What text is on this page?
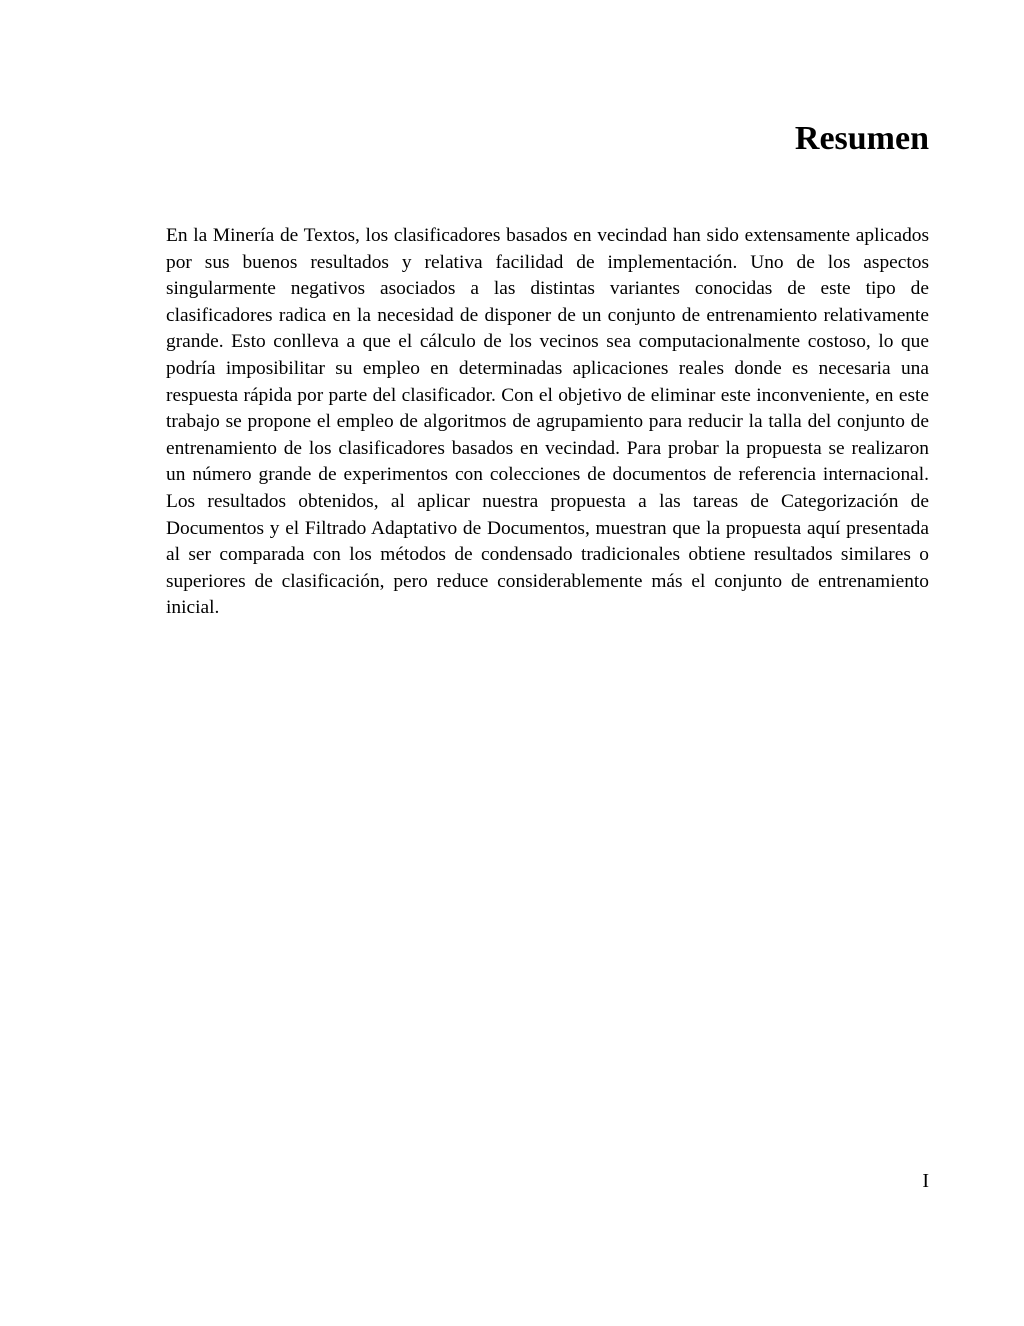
Resumen

En la Minería de Textos, los clasificadores basados en vecindad han sido extensamente aplicados por sus buenos resultados y relativa facilidad de implementación. Uno de los aspectos singularmente negativos asociados a las distintas variantes conocidas de este tipo de clasificadores radica en la necesidad de disponer de un conjunto de entrenamiento relativamente grande. Esto conlleva a que el cálculo de los vecinos sea computacionalmente costoso, lo que podría imposibilitar su empleo en determinadas aplicaciones reales donde es necesaria una respuesta rápida por parte del clasificador. Con el objetivo de eliminar este inconveniente, en este trabajo se propone el empleo de algoritmos de agrupamiento para reducir la talla del conjunto de entrenamiento de los clasificadores basados en vecindad. Para probar la propuesta se realizaron un número grande de experimentos con colecciones de documentos de referencia internacional. Los resultados obtenidos, al aplicar nuestra propuesta a las tareas de Categorización de Documentos y el Filtrado Adaptativo de Documentos, muestran que la propuesta aquí presentada al ser comparada con los métodos de condensado tradicionales obtiene resultados similares o superiores de clasificación, pero reduce considerablemente más el conjunto de entrenamiento inicial.

I
